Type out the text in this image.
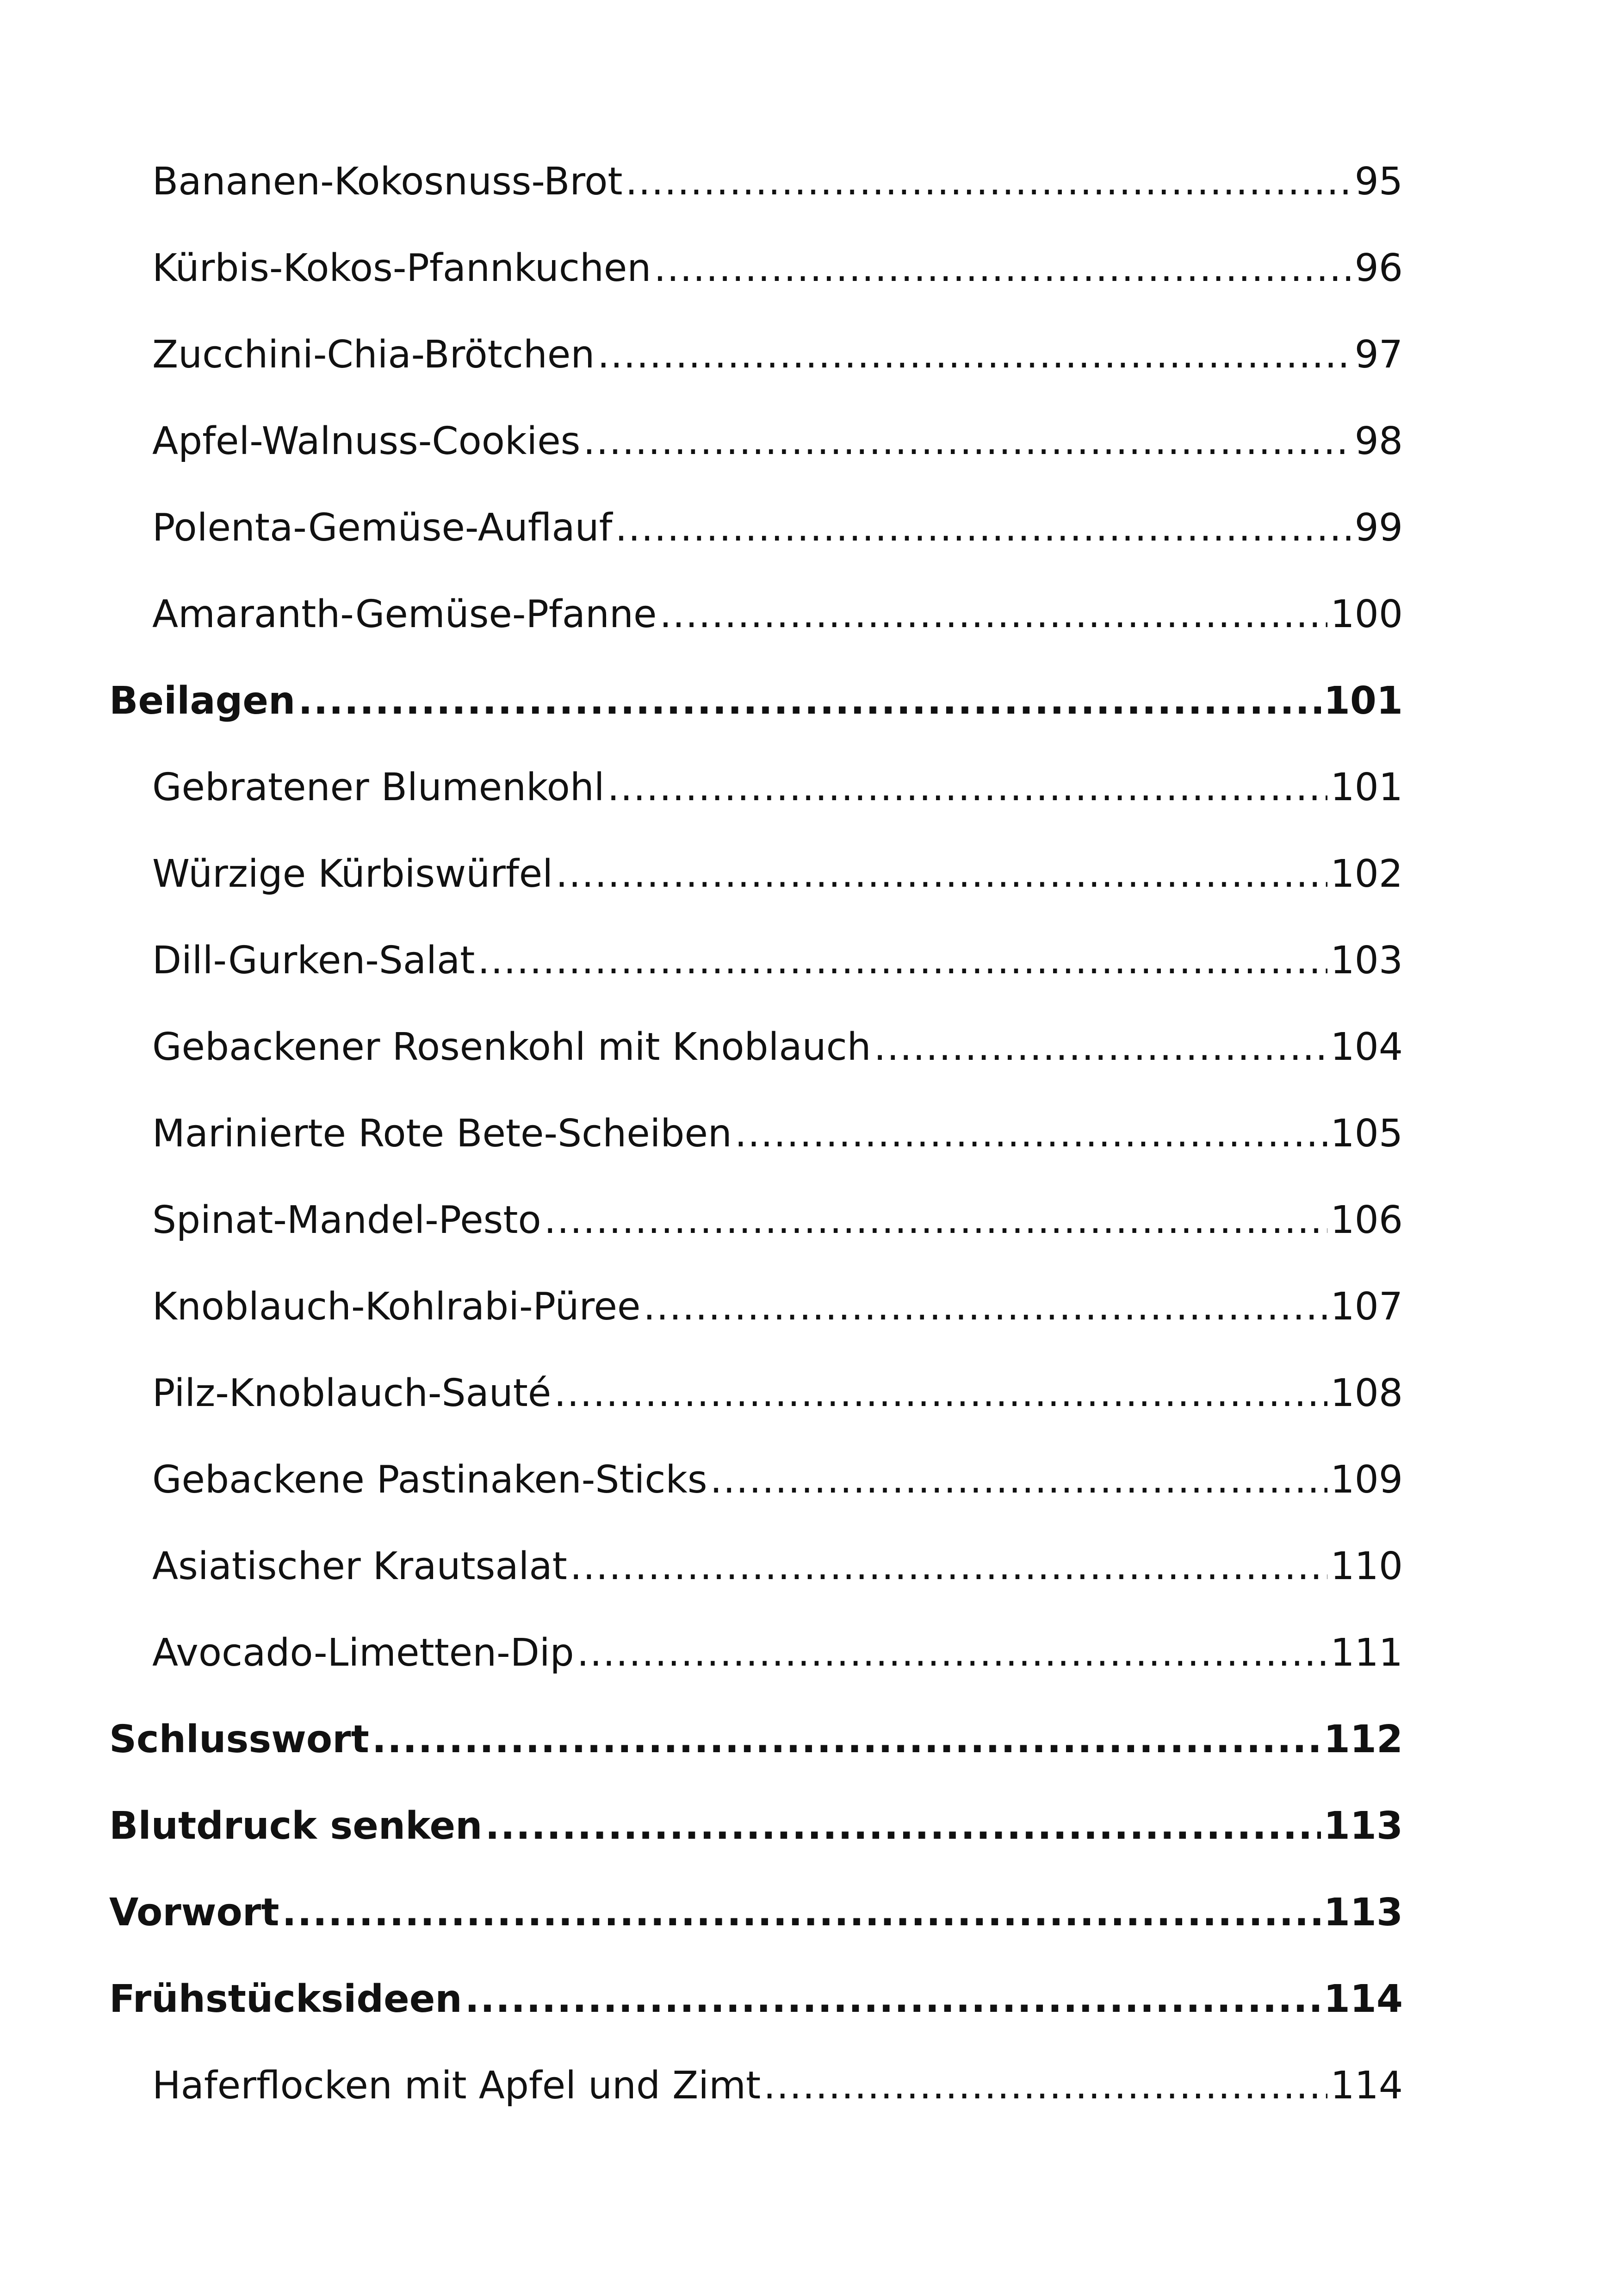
Bananen-Kokosnuss-Brot .....	95
Kürbis-Kokos-Pfannkuchen .....	96
Zucchini-Chia-Brötchen .....	97
Apfel-Walnuss-Cookies .....	98
Polenta-Gemüse-Auflauf .....	99
Amaranth-Gemüse-Pfanne .....	100
Beilagen .....	101
Gebratener Blumenkohl .....	101
Würzige Kürbiswürfel .....	102
Dill-Gurken-Salat .....	103
Gebackener Rosenkohl mit Knoblauch .....	104
Marinierte Rote Bete-Scheiben .....	105
Spinat-Mandel-Pesto .....	106
Knoblauch-Kohlrabi-Püree .....	107
Pilz-Knoblauch-Sauté .....	108
Gebackene Pastinaken-Sticks .....	109
Asiatischer Krautsalat .....	110
Avocado-Limetten-Dip .....	111
Schlusswort .....	112
Blutdruck senken .....	113
Vorwort .....	113
Frühstücksideen .....	114
Haferflocken mit Apfel und Zimt .....	114
